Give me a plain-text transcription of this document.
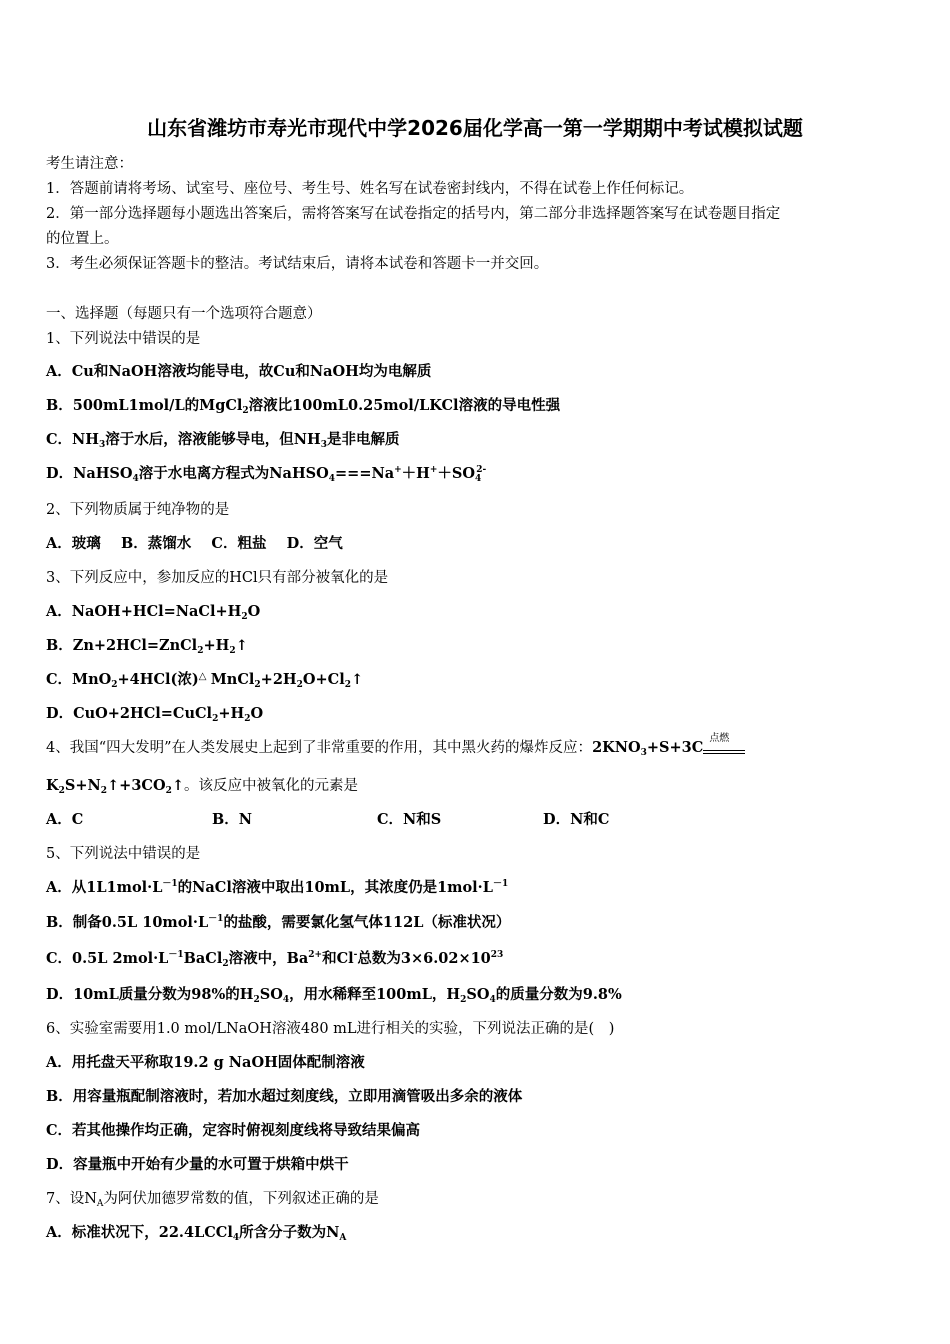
山东省潍坊市寿光市现代中学2026届化学高一第一学期期中考试模拟试题
考生请注意：
1．答题前请将考场、试室号、座位号、考生号、姓名写在试卷密封线内，不得在试卷上作任何标记。
2．第一部分选择题每小题选出答案后，需将答案写在试卷指定的括号内，第二部分非选择题答案写在试卷题目指定
的位置上。
3．考生必须保证答题卡的整洁。考试结束后，请将本试卷和答题卡一并交回。
一、选择题（每题只有一个选项符合题意）
1、下列说法中错误的是
A．Cu和NaOH溶液均能导电，故Cu和NaOH均为电解质
B．500mL1mol/L的MgCl$_2$溶液比100mL0.25mol/LKCl溶液的导电性强
C．$NH_3$溶于水后，溶液能够导电，但$NH_3$是非电解质
D．NaHSO$_4$溶于水电离方程式为$NaHSO_4===Na^++H^++SO_4^{2-}$
2、下列物质属于纯净物的是
A．玻璃 B．蒸馏水 C．粗盐 D．空气
3、下列反应中，参加反应的HCl只有部分被氧化的是
A．$NaOH+HCl=NaCl+H_2O$
B．$Zn+2HCl=ZnCl_2+H_2↑$
C．MnO$_2$+4HCl(浓)△ $MnCl_2+2H_2O+Cl_2↑$
D．$CuO+2HCl=CuCl_2+H_2O$
4、我国“四大发明”在人类发展史上起到了非常重要的作用，其中黑火药的爆炸反应：$2KNO_3+S+3C$
点燃
$K_2S+N_2↑+3CO_2↑$。该反应中被氧化的元素是
A．C	B．N	C．N和S	D．N和C
5、下列说法中错误的是
A．从$1L1mol\cdot L^{-1}$的NaCl溶液中取出10mL，其浓度仍是$1mol\cdot L^{-1}$
B．制备0.5L $10mol\cdot L^{-1}$的盐酸，需要氯化氢气体112L（标准状况）
C．0.5L $2mol\cdot L^{-1}BaCl_2$溶液中，$Ba^{2+}$和Cl-总数为$3\times 6.02\times 10^{23}$
D．10mL质量分数为98%的$H_2SO_4$，用水稀释至100mL，$H_2SO_4$的质量分数为9.8%
6、实验室需要用1.0 mol/LNaOH溶液480 mL进行相关的实验，下列说法正确的是(　)
A．用托盘天平称取19.2 g NaOH固体配制溶液
B．用容量瓶配制溶液时，若加水超过刻度线，立即用滴管吸出多余的液体
C．若其他操作均正确，定容时俯视刻度线将导致结果偏高
D．容量瓶中开始有少量的水可置于烘箱中烘干
7、设$N_A$为阿伏加德罗常数的值，下列叙述正确的是
A．标准状况下，22.4LCCl$_4$所含分子数为$N_A$
